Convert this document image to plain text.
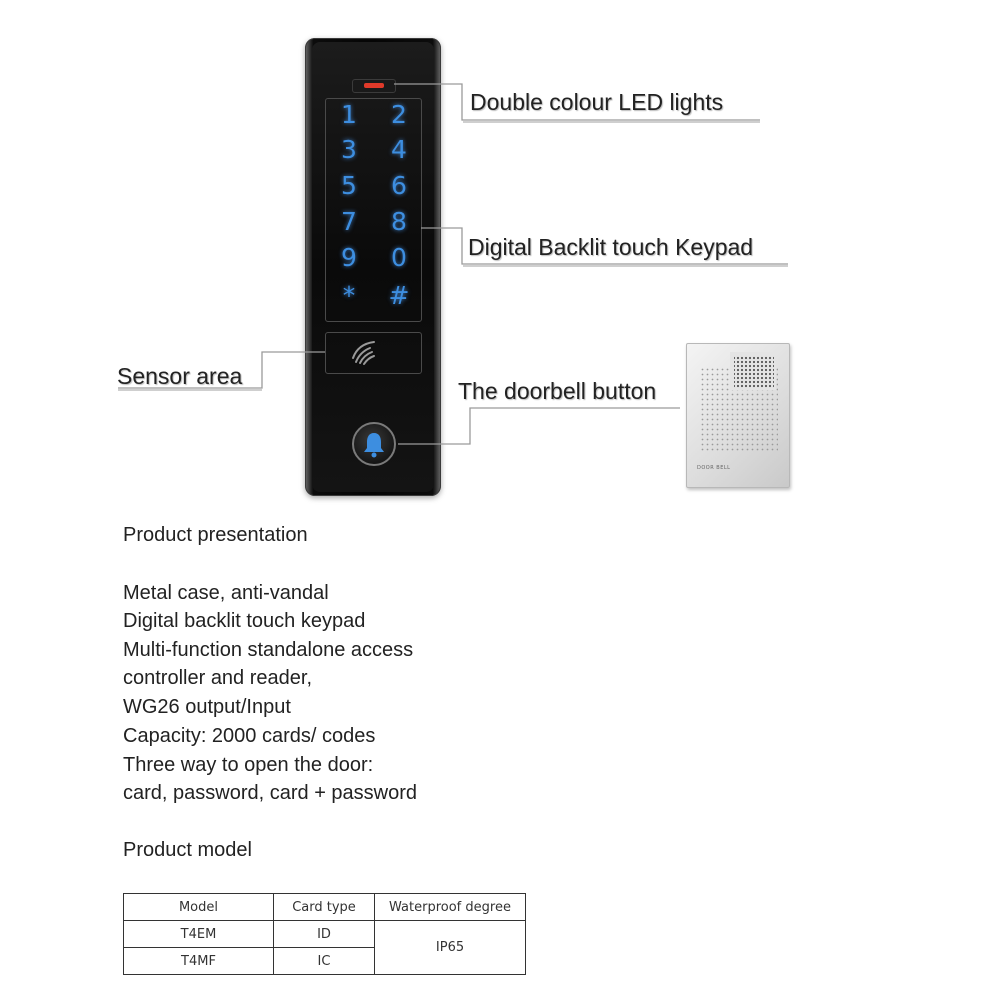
1 2
3 4
5 6
7 8
9 0
*	#
Double colour LED lights
Digital Backlit touch Keypad
Sensor area
The doorbell button
DOOR BELL
Product presentation
Metal case, anti-vandal
Digital backlit touch keypad
Multi-function standalone access
controller and reader,
WG26 output/Input
Capacity: 2000 cards/ codes
Three way to open the door:
card, password, card + password
Product model
Model	Card type	Waterproof degree
T4EM	ID	IP65
T4MF	IC	
